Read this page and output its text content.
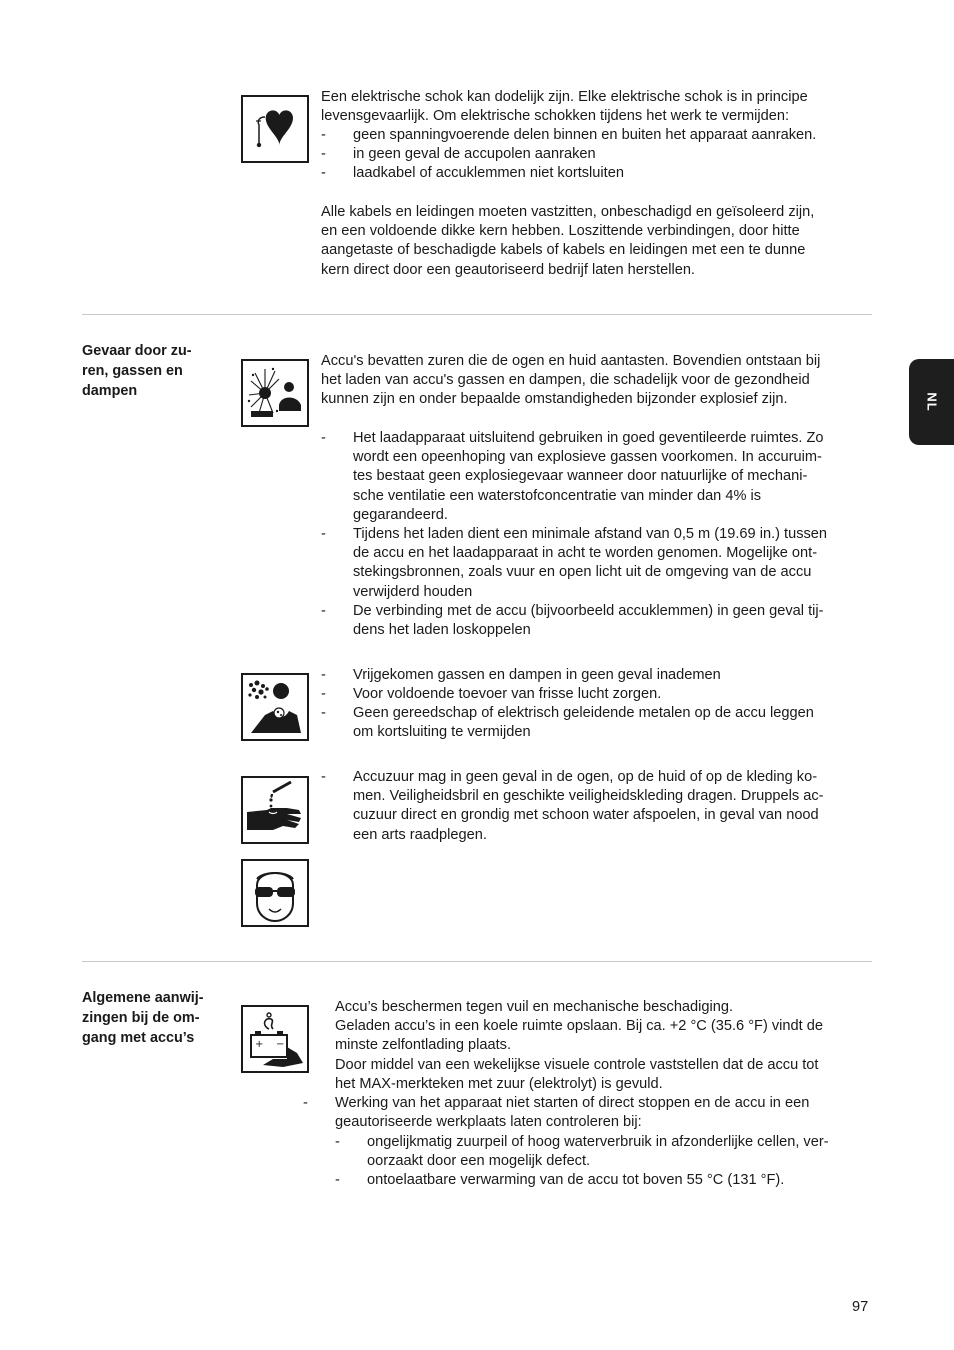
Een elektrische schok kan dodelijk zijn. Elke elektrische schok is in principe
levensgevaarlijk. Om elektrische schokken tijdens het werk te vermijden:
- geen spanningvoerende delen binnen en buiten het apparaat aanraken.
- in geen geval de accupolen aanraken
- laadkabel of accuklemmen niet kortsluiten
Alle kabels en leidingen moeten vastzitten, onbeschadigd en geïsoleerd zijn,
en een voldoende dikke kern hebben. Loszittende verbindingen, door hitte
aangetaste of beschadigde kabels of kabels en leidingen met een te dunne
kern direct door een geautoriseerd bedrijf laten herstellen.
Gevaar door zu-
ren, gassen en
dampen
Accu's bevatten zuren die de ogen en huid aantasten. Bovendien ontstaan bij
het laden van accu's gassen en dampen, die schadelijk voor de gezondheid
kunnen zijn en onder bepaalde omstandigheden bijzonder explosief zijn.
- Het laadapparaat uitsluitend gebruiken in goed geventileerde ruimtes. Zo
wordt een opeenhoping van explosieve gassen voorkomen. In accuruim-
tes bestaat geen explosiegevaar wanneer door natuurlijke of mechani-
sche ventilatie een waterstofconcentratie van minder dan 4% is
gegarandeerd.
- Tijdens het laden dient een minimale afstand van 0,5 m (19.69 in.) tussen
de accu en het laadapparaat in acht te worden genomen. Mogelijke ont-
stekingsbronnen, zoals vuur en open licht uit de omgeving van de accu
verwijderd houden
- De verbinding met de accu (bijvoorbeeld accuklemmen) in geen geval tij-
dens het laden loskoppelen
- Vrijgekomen gassen en dampen in geen geval inademen
- Voor voldoende toevoer van frisse lucht zorgen.
- Geen gereedschap of elektrisch geleidende metalen op de accu leggen
om kortsluiting te vermijden
- Accuzuur mag in geen geval in de ogen, op de huid of op de kleding ko-
men. Veiligheidsbril en geschikte veiligheidskleding dragen. Druppels ac-
cuzuur direct en grondig met schoon water afspoelen, in geval van nood
een arts raadplegen.
Algemene aanwij-
zingen bij de om-
gang met accu’s	+ −
Accu’s beschermen tegen vuil en mechanische beschadiging.
Geladen accu’s in een koele ruimte opslaan. Bij ca. +2 °C (35.6 °F) vindt de
minste zelfontlading plaats.
Door middel van een wekelijkse visuele controle vaststellen dat de accu tot
het MAX-merkteken met zuur (elektrolyt) is gevuld.
- Werking van het apparaat niet starten of direct stoppen en de accu in een
geautoriseerde werkplaats laten controleren bij:
- ongelijkmatig zuurpeil of hoog waterverbruik in afzonderlijke cellen, ver-
oorzaakt door een mogelijk defect.
- ontoelaatbare verwarming van de accu tot boven 55 °C (131 °F).
NL
97
